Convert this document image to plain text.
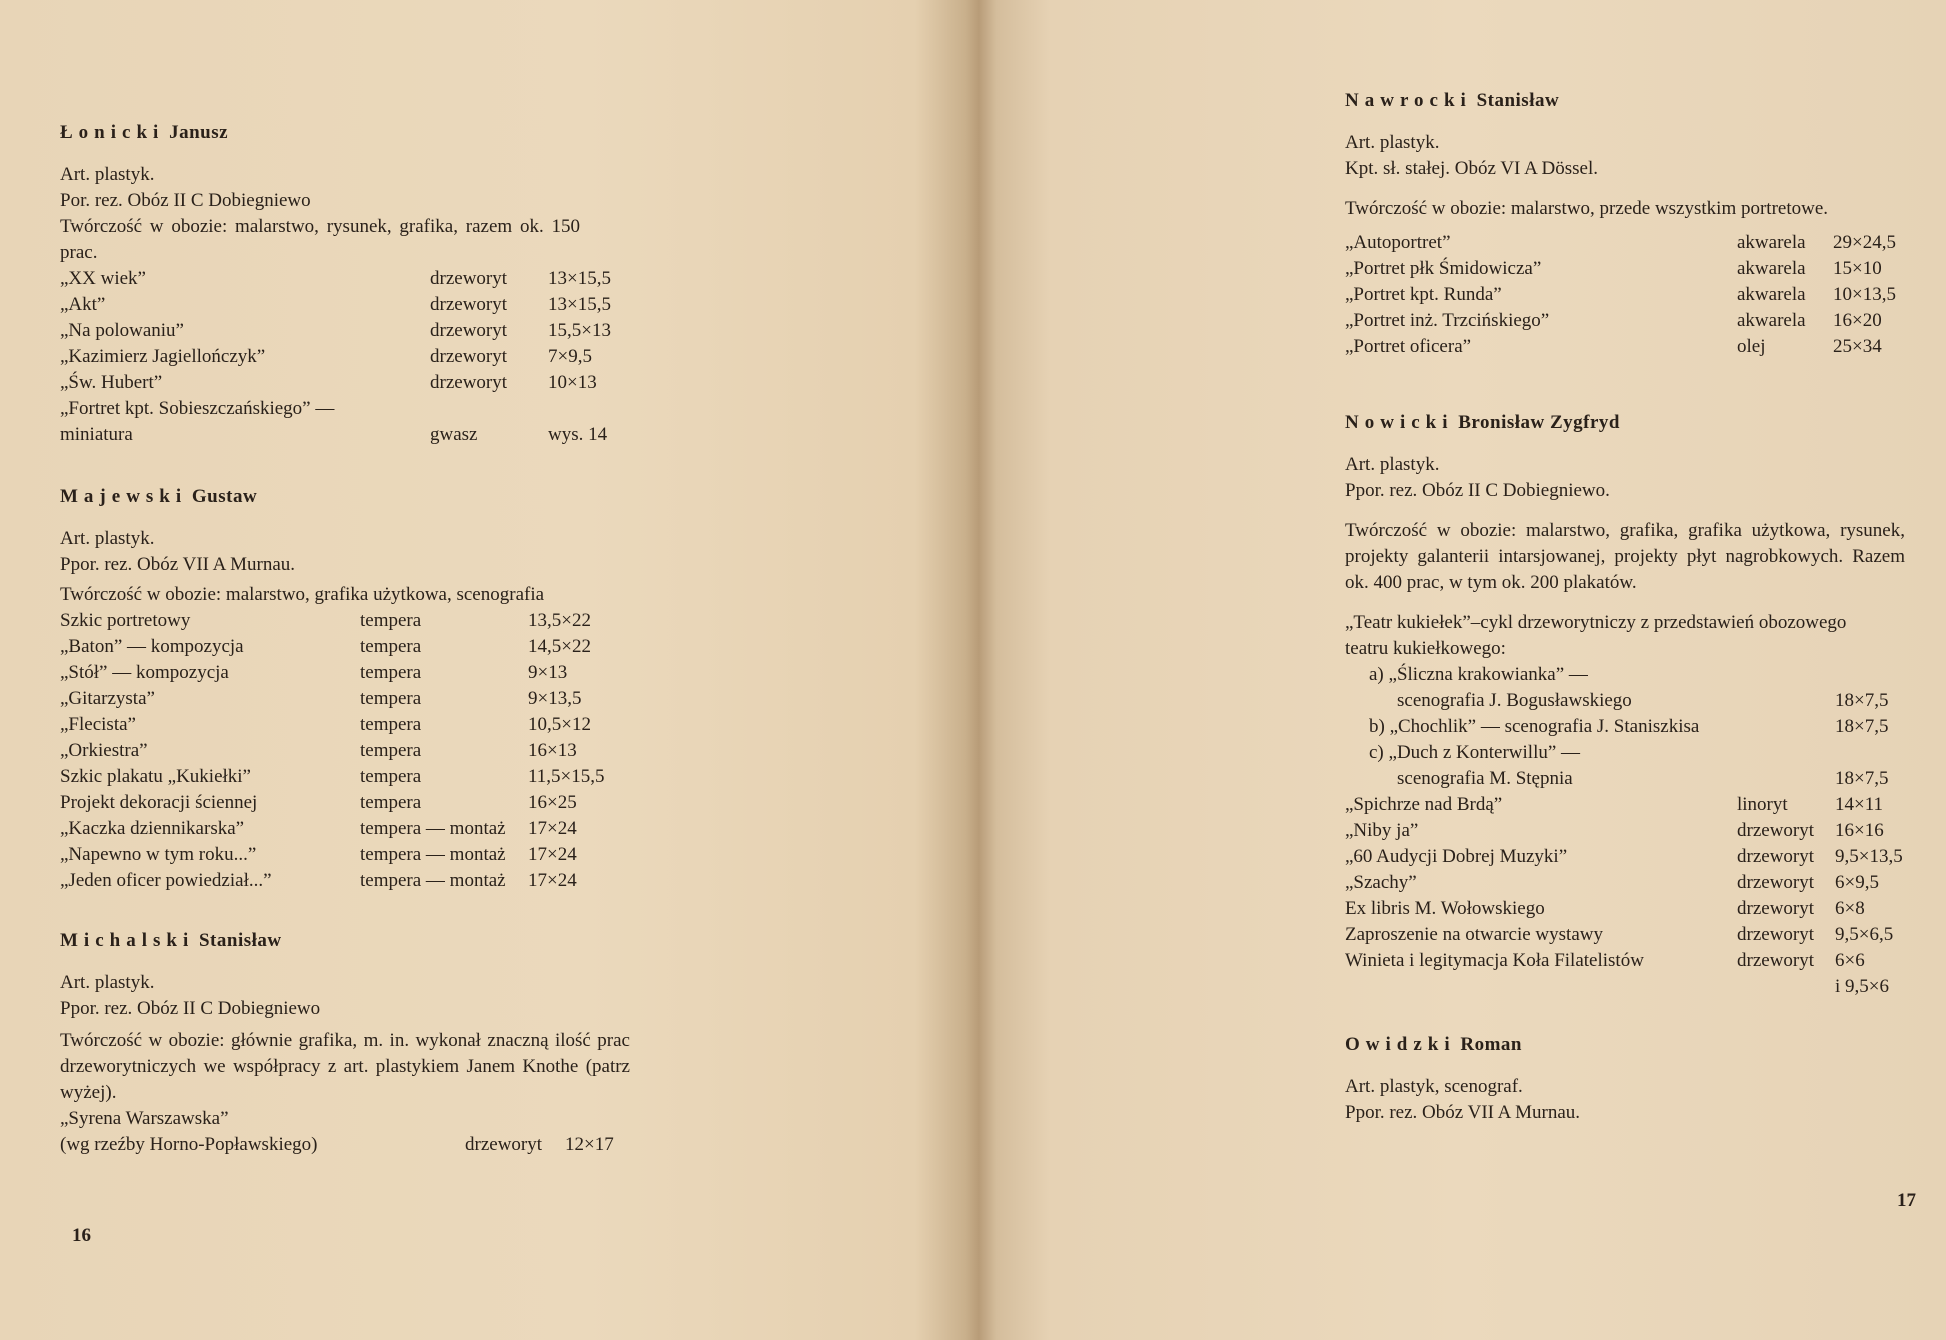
Łonicki Janusz
Art. plastyk.
Por. rez. Obóz II C Dobiegniewo
Twórczość w obozie: malarstwo, rysunek, grafika, razem ok. 150 prac.
„XX wiek”	drzeworyt	13×15,5
„Akt”	drzeworyt	13×15,5
„Na polowaniu”	drzeworyt	15,5×13
„Kazimierz Jagiellończyk”	drzeworyt	7×9,5
„Św. Hubert”	drzeworyt	10×13
„Fortret kpt. Sobieszczańskiego” —		
miniatura	gwasz	wys. 14
Majewski Gustaw
Art. plastyk.
Ppor. rez. Obóz VII A Murnau.
Twórczość w obozie: malarstwo, grafika użytkowa, scenografia
Szkic portretowy	tempera	13,5×22
„Baton” — kompozycja	tempera	14,5×22
„Stół” — kompozycja	tempera	9×13
„Gitarzysta”	tempera	9×13,5
„Flecista”	tempera	10,5×12
„Orkiestra”	tempera	16×13
Szkic plakatu „Kukiełki”	tempera	11,5×15,5
Projekt dekoracji ściennej	tempera	16×25
„Kaczka dziennikarska”	tempera — montaż	17×24
„Napewno w tym roku...”	tempera — montaż	17×24
„Jeden oficer powiedział...”	tempera — montaż	17×24
Michalski Stanisław
Art. plastyk.
Ppor. rez. Obóz II C Dobiegniewo
Twórczość w obozie: głównie grafika, m. in. wykonał znaczną ilość prac drzeworytniczych we współpracy z art. plastykiem Janem Knothe (patrz wyżej).
„Syrena Warszawska”		
(wg rzeźby Horno-Popławskiego)	drzeworyt	12×17
16
Nawrocki Stanisław
Art. plastyk.
Kpt. sł. stałej. Obóz VI A Dössel.
Twórczość w obozie: malarstwo, przede wszystkim portretowe.
„Autoportret”	akwarela	29×24,5
„Portret płk Śmidowicza”	akwarela	15×10
„Portret kpt. Runda”	akwarela	10×13,5
„Portret inż. Trzcińskiego”	akwarela	16×20
„Portret oficera”	olej	25×34
Nowicki Bronisław Zygfryd
Art. plastyk.
Ppor. rez. Obóz II C Dobiegniewo.
Twórczość w obozie: malarstwo, grafika, grafika użytkowa, rysunek, projekty galanterii intarsjowanej, projekty płyt nagrobkowych. Razem ok. 400 prac, w tym ok. 200 plakatów.
„Teatr kukiełek”–cykl drzeworytniczy z przedstawień obozowego
teatru kukiełkowego:
a) „Śliczna krakowianka” —		
scenografia J. Bogusławskiego		18×7,5
b) „Chochlik” — scenografia J. Staniszkisa		18×7,5
c) „Duch z Konterwillu” —		
scenografia M. Stępnia		18×7,5
„Spichrze nad Brdą”	linoryt	14×11
„Niby ja”	drzeworyt	16×16
„60 Audycji Dobrej Muzyki”	drzeworyt	9,5×13,5
„Szachy”	drzeworyt	6×9,5
Ex libris M. Wołowskiego	drzeworyt	6×8
Zaproszenie na otwarcie wystawy	drzeworyt	9,5×6,5
Winieta i legitymacja Koła Filatelistów	drzeworyt	6×6
		i 9,5×6
Owidzki Roman
Art. plastyk, scenograf.
Ppor. rez. Obóz VII A Murnau.
17
